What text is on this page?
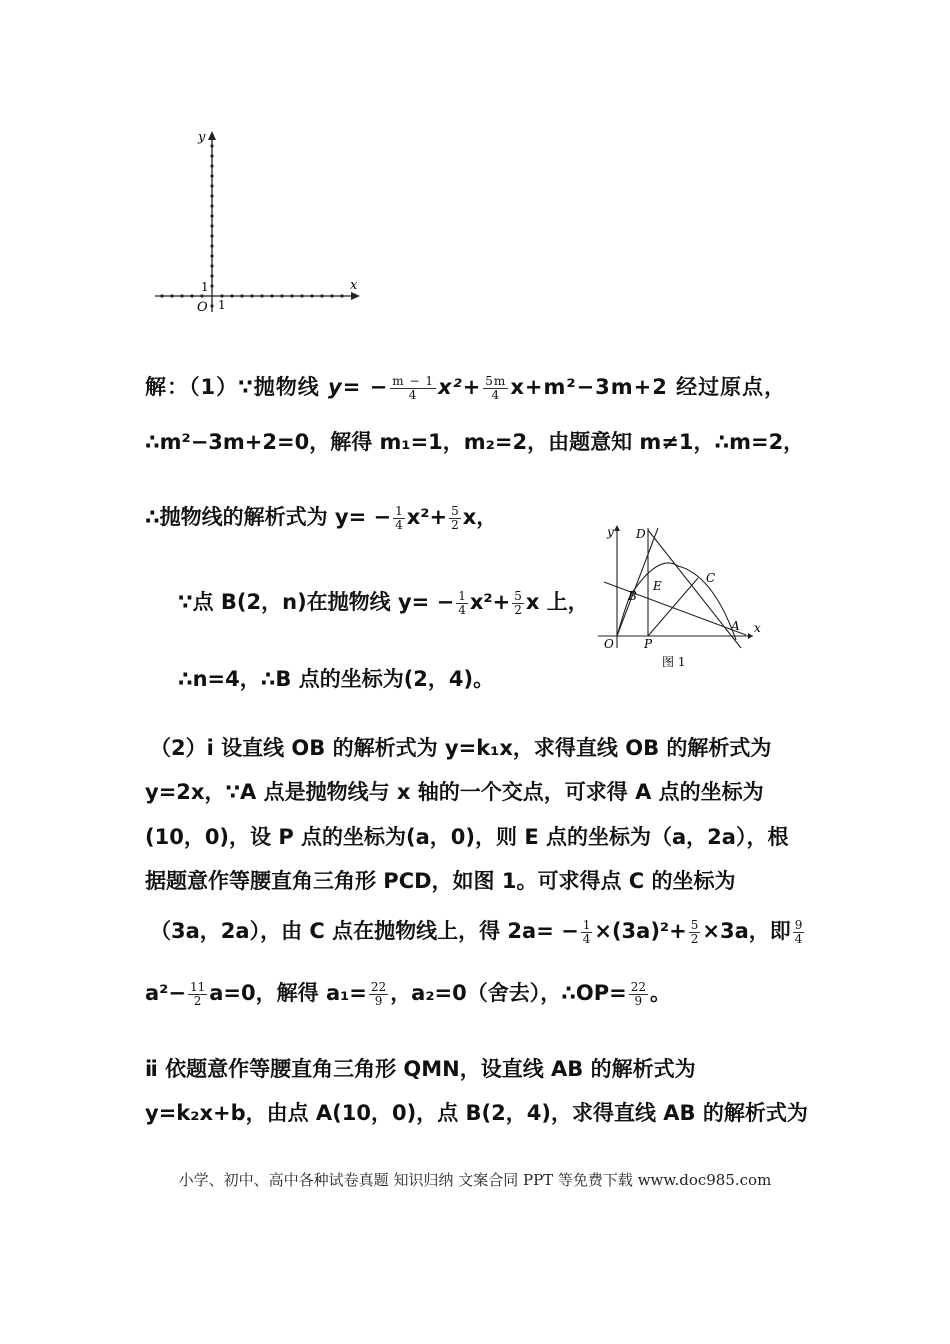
x
y
O
1
1
y
x
O	P
D
E
B
C
A
图 1
解：（1）∵抛物线 $y= - \frac{m - 1}{4} x^2+ \frac{5m}{4} x+m^2-3m+2$ 经过原点，
∴m²−3m+2=0，解得 m₁=1，m₂=2，由题意知 m≠1，∴m=2，
∴抛物线的解析式为 $y= - \frac{1}{4} x^2+ \frac{5}{2}$ x，
∵点 B(2，n)在抛物线 $y= - \frac{1}{4} x^2+ \frac{5}{2}$ x 上，
∴n=4，∴B 点的坐标为(2，4)。
（2）ⅰ 设直线 OB 的解析式为 y=k₁x，求得直线 OB 的解析式为
y=2x，∵A 点是抛物线与 x 轴的一个交点，可求得 A 点的坐标为
(10，0)，设 P 点的坐标为(a，0)，则 E 点的坐标为（a，2a），根
据题意作等腰直角三角形 PCD，如图 1。可求得点 C 的坐标为
（3a，2a），由 C 点在抛物线上，得 $2a= - \frac{1}{4} \times(3a)^2+ \frac{5}{2} \times 3a$，即 $\frac{9}{4}$
$a^2- \frac{11}{2} a=0$，解得 $a_1= \frac{22}{9}$ ，a₂=0（舍去），∴OP= $\frac{22}{9}$ 。
ⅱ 依题意作等腰直角三角形 QMN，设直线 AB 的解析式为
y=k₂x+b，由点 A(10，0)，点 B(2，4)，求得直线 AB 的解析式为
小学、初中、高中各种试卷真题 知识归纳 文案合同 PPT 等免费下载 www.doc985.com
